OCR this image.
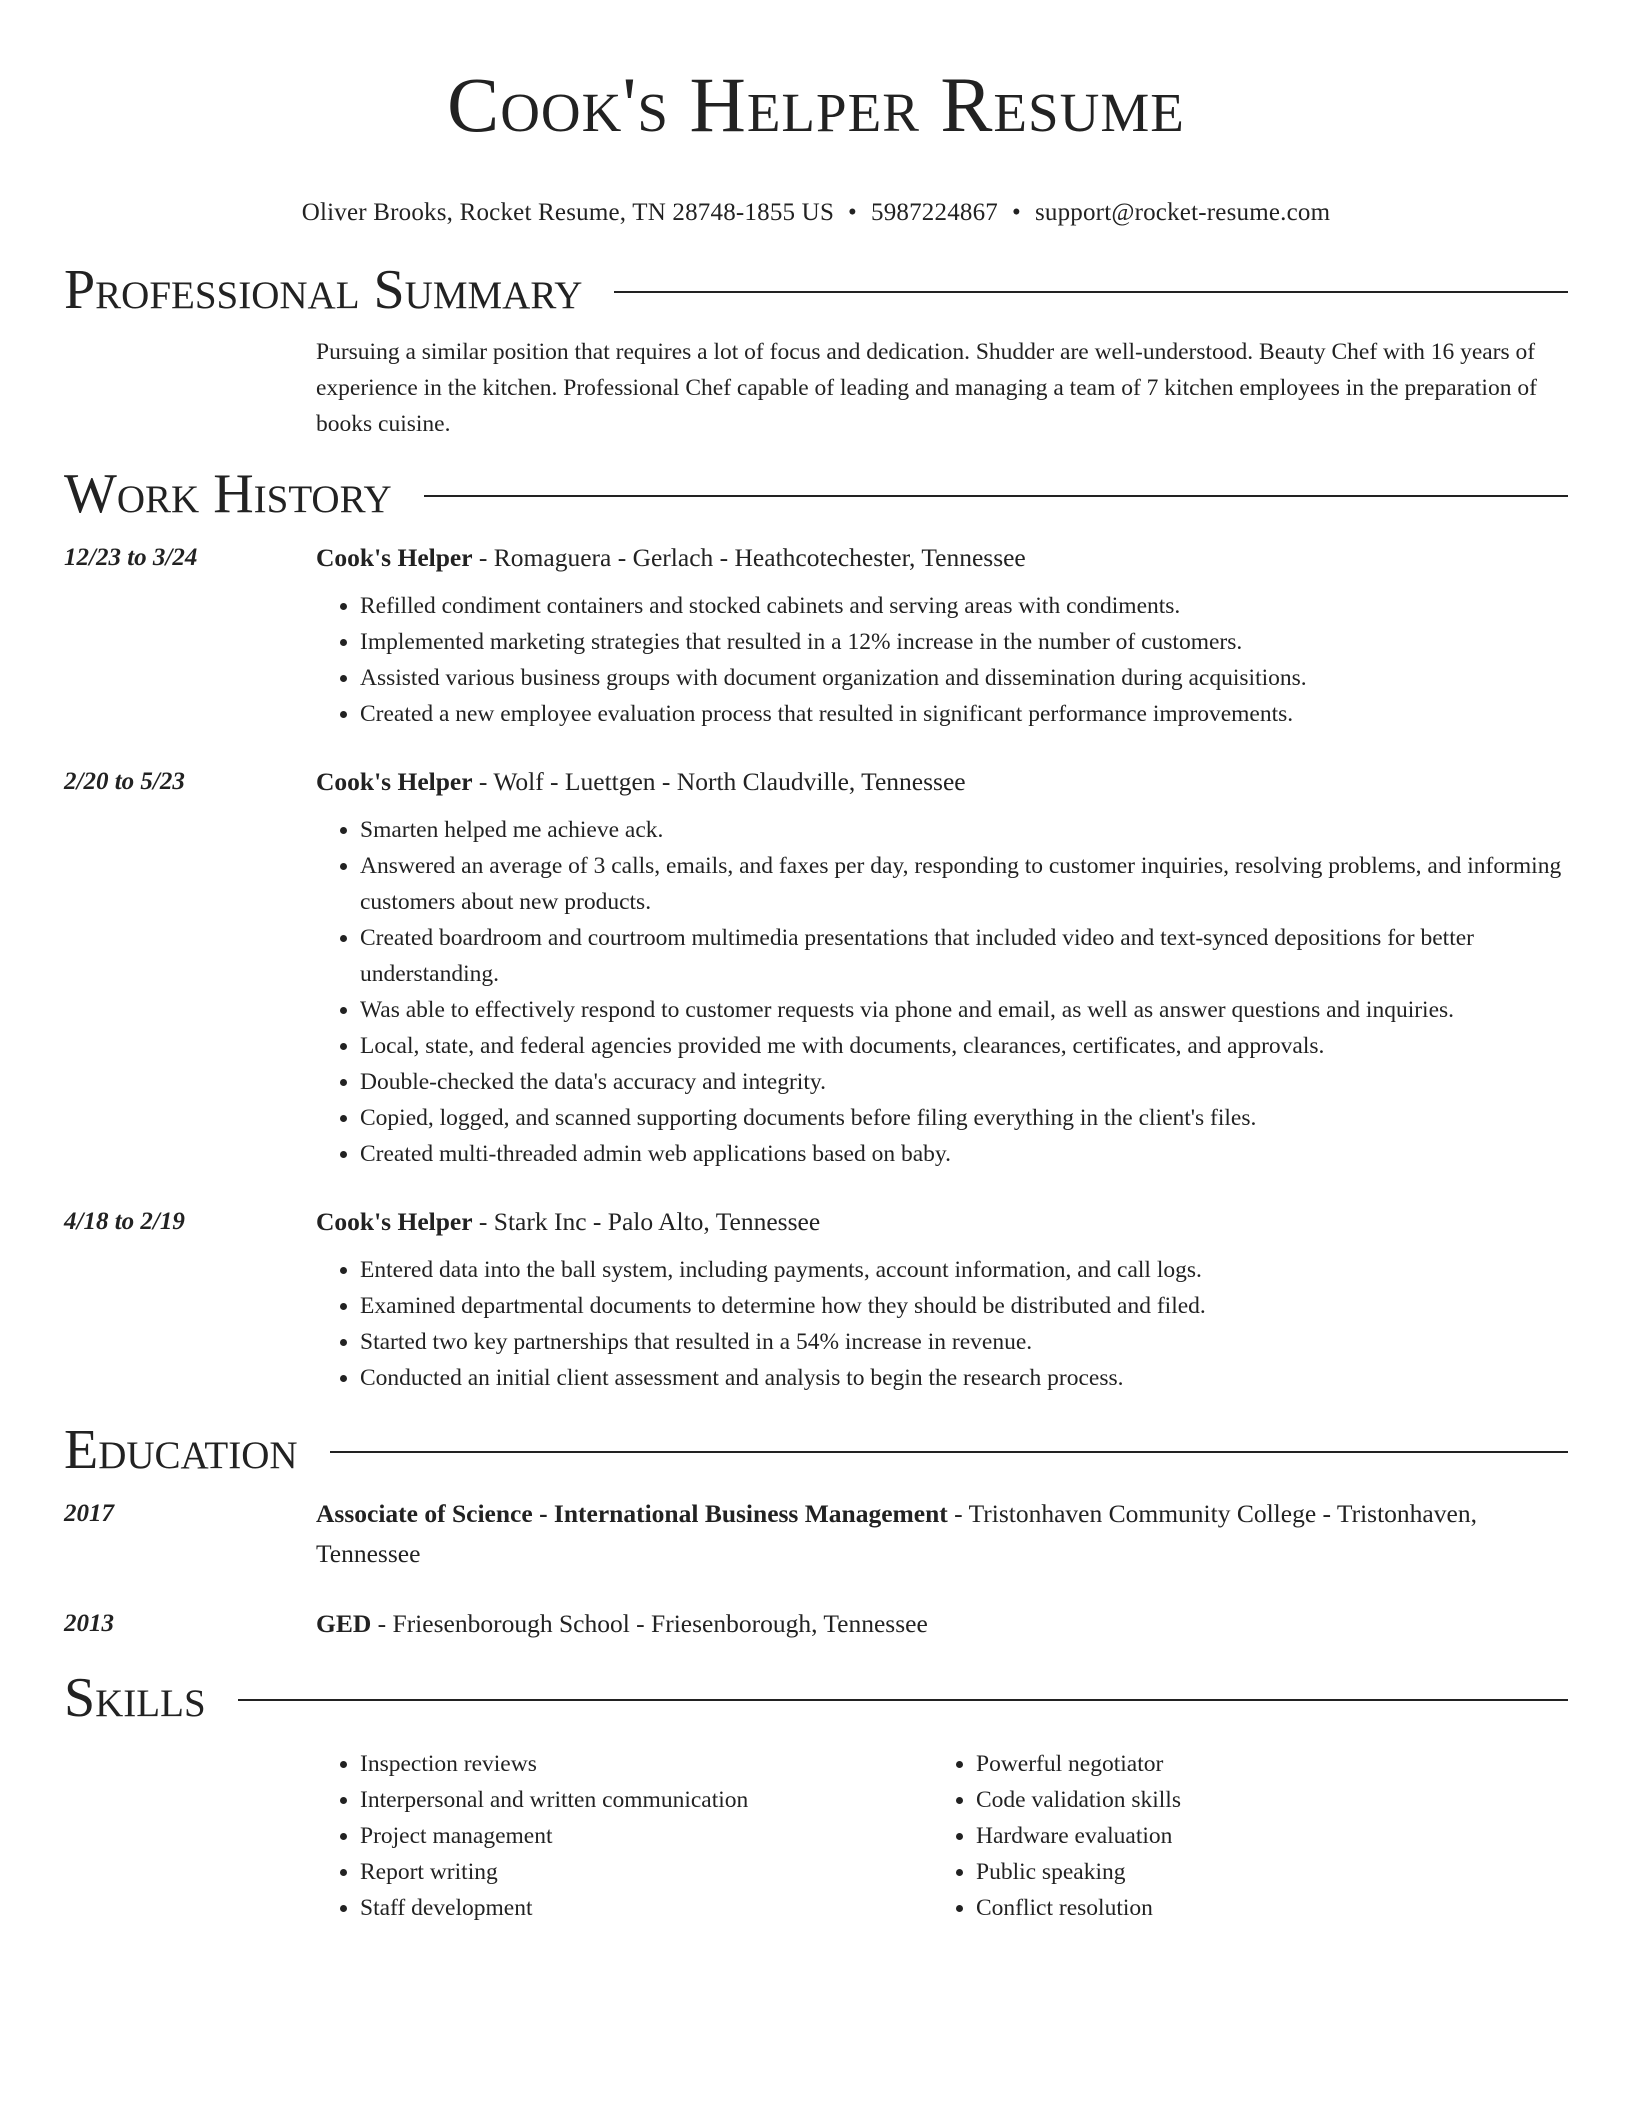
Cook's Helper Resume
Oliver Brooks, Rocket Resume, TN 28748-1855 US • 5987224867 • support@rocket-resume.com
Professional Summary
Pursuing a similar position that requires a lot of focus and dedication. Shudder are well-understood. Beauty Chef with 16 years of experience in the kitchen. Professional Chef capable of leading and managing a team of 7 kitchen employees in the preparation of books cuisine.
Work History
12/23 to 3/24	Cook's Helper - Romaguera - Gerlach - Heathcotechester, Tennessee
• Refilled condiment containers and stocked cabinets and serving areas with condiments.
• Implemented marketing strategies that resulted in a 12% increase in the number of customers.
• Assisted various business groups with document organization and dissemination during acquisitions.
• Created a new employee evaluation process that resulted in significant performance improvements.
2/20 to 5/23	Cook's Helper - Wolf - Luettgen - North Claudville, Tennessee
• Smarten helped me achieve ack.
• Answered an average of 3 calls, emails, and faxes per day, responding to customer inquiries, resolving problems, and informing customers about new products.
• Created boardroom and courtroom multimedia presentations that included video and text-synced depositions for better understanding.
• Was able to effectively respond to customer requests via phone and email, as well as answer questions and inquiries.
• Local, state, and federal agencies provided me with documents, clearances, certificates, and approvals.
• Double-checked the data's accuracy and integrity.
• Copied, logged, and scanned supporting documents before filing everything in the client's files.
• Created multi-threaded admin web applications based on baby.
4/18 to 2/19	Cook's Helper - Stark Inc - Palo Alto, Tennessee
• Entered data into the ball system, including payments, account information, and call logs.
• Examined departmental documents to determine how they should be distributed and filed.
• Started two key partnerships that resulted in a 54% increase in revenue.
• Conducted an initial client assessment and analysis to begin the research process.
Education
2017	Associate of Science - International Business Management - Tristonhaven Community College - Tristonhaven, Tennessee
2013	GED - Friesenborough School - Friesenborough, Tennessee
Skills
• Inspection reviews
• Interpersonal and written communication
• Project management
• Report writing
• Staff development
• Powerful negotiator
• Code validation skills
• Hardware evaluation
• Public speaking
• Conflict resolution
